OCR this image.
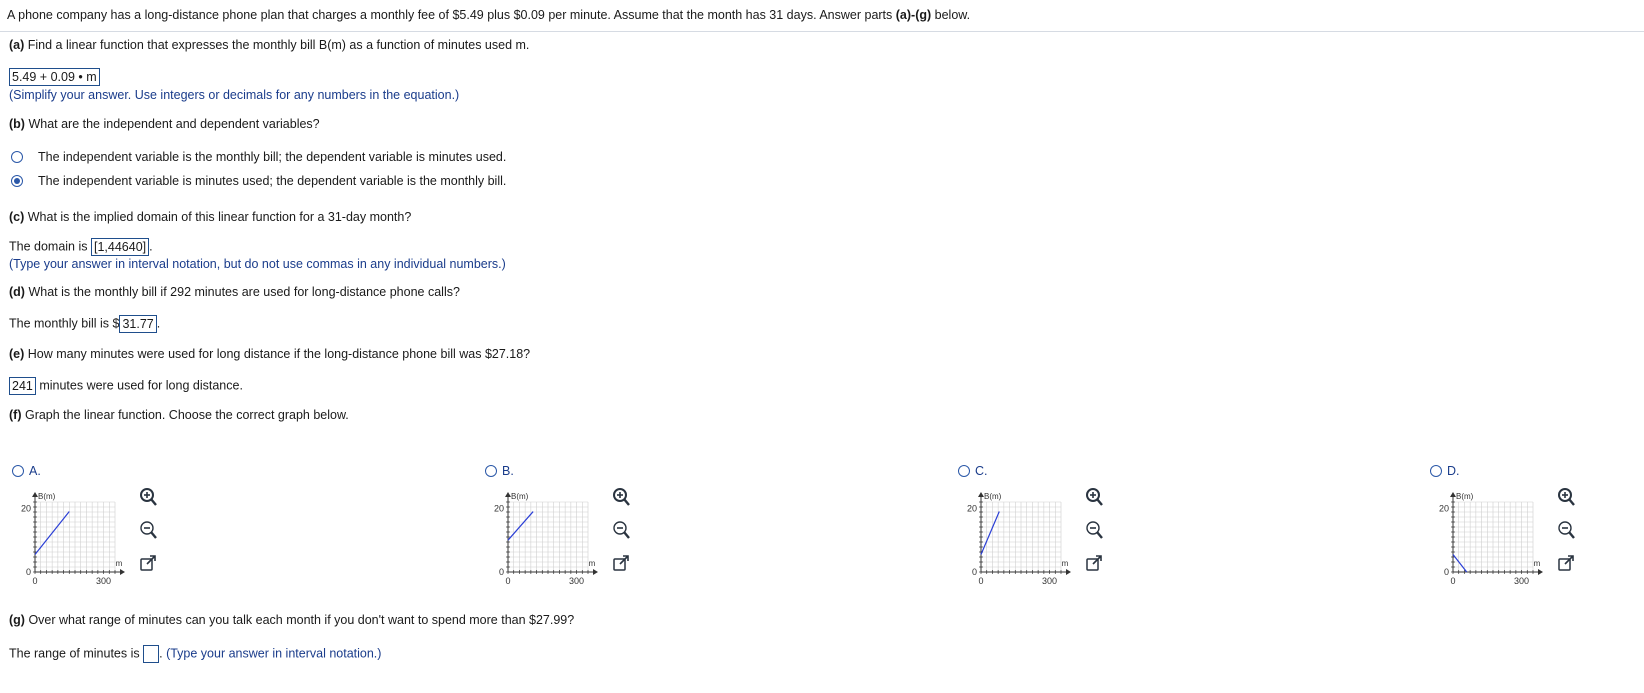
A phone company has a long-distance phone plan that charges a monthly fee of $5.49 plus $0.09 per minute. Assume that the month has 31 days. Answer parts (a)-(g) below.
(a) Find a linear function that expresses the monthly bill B(m) as a function of minutes used m.
5.49 + 0.09 • m
(Simplify your answer. Use integers or decimals for any numbers in the equation.)
(b) What are the independent and dependent variables?
The independent variable is the monthly bill; the dependent variable is minutes used.
The independent variable is minutes used; the dependent variable is the monthly bill.
(c) What is the implied domain of this linear function for a 31-day month?
The domain is [1,44640] .
(Type your answer in interval notation, but do not use commas in any individual numbers.)
(d) What is the monthly bill if 292 minutes are used for long-distance phone calls?
The monthly bill is $ 31.77 .
(e) How many minutes were used for long distance if the long-distance phone bill was $27.18?
241 minutes were used for long distance.
(f) Graph the linear function. Choose the correct graph below.
A.
B(m)
20
0
0	300
m
B.
B(m)
20
0
0	300
m
C.
B(m)
20
0
0	300
m
D.
B(m)
20
0
0	300
m
(g) Over what range of minutes can you talk each month if you don't want to spend more than $27.99?
The range of minutes is . (Type your answer in interval notation.)
